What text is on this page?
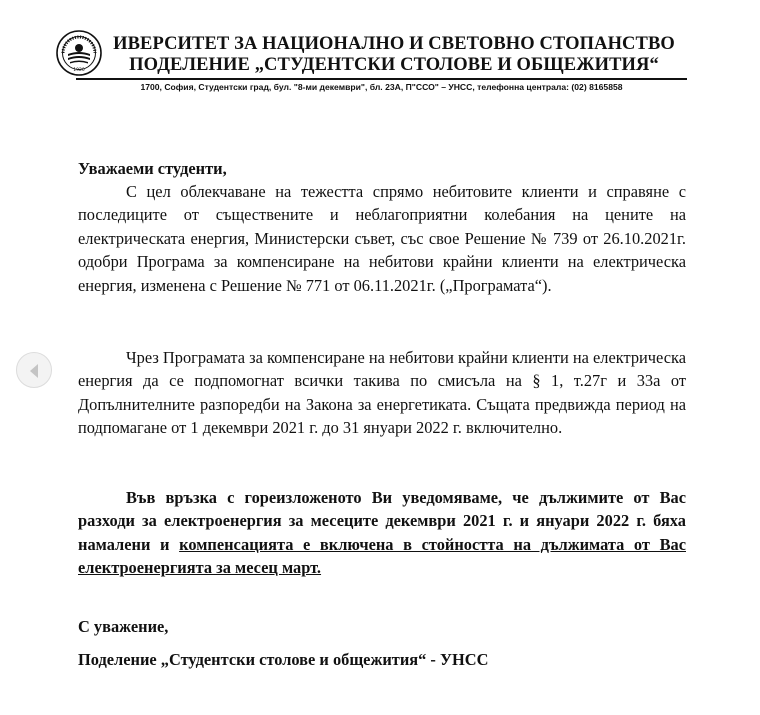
1920
ИВЕРСИТЕТ ЗА НАЦИОНАЛНО И СВЕТОВНО СТОПАНСТВО
ПОДЕЛЕНИЕ „СТУДЕНТСКИ СТОЛОВЕ И ОБЩЕЖИТИЯ“
1700, София, Студентски град, бул. "8-ми декември", бл. 23А, П"ССО" – УНСС, телефонна централа: (02) 8165858
Уважаеми студенти,
С цел облекчаване на тежестта спрямо небитовите клиенти и справяне с последиците от съществените и неблагоприятни колебания на цените на електрическата енергия, Министерски съвет, със свое Решение № 739 от 26.10.2021г. одобри Програма за компенсиране на небитови крайни клиенти на електрическа енергия, изменена с Решение № 771 от 06.11.2021г. („Програмата“).
Чрез Програмата за компенсиране на небитови крайни клиенти на електрическа енергия да се подпомогнат всички такива по смисъла на § 1, т.27г и 33а от Допълнителните разпоредби на Закона за енергетиката. Същата предвижда период на подпомагане от 1 декември 2021 г. до 31 януари 2022 г. включително.
Във връзка с гореизложеното Ви уведомяваме, че дължимите от Вас разходи за електроенергия за месеците декември 2021 г. и януари 2022 г. бяха намалени и компенсацията е включена в стойността на дължимата от Вас електроенергията за месец март.
С уважение,
Поделение „Студентски столове и общежития“ - УНСС
